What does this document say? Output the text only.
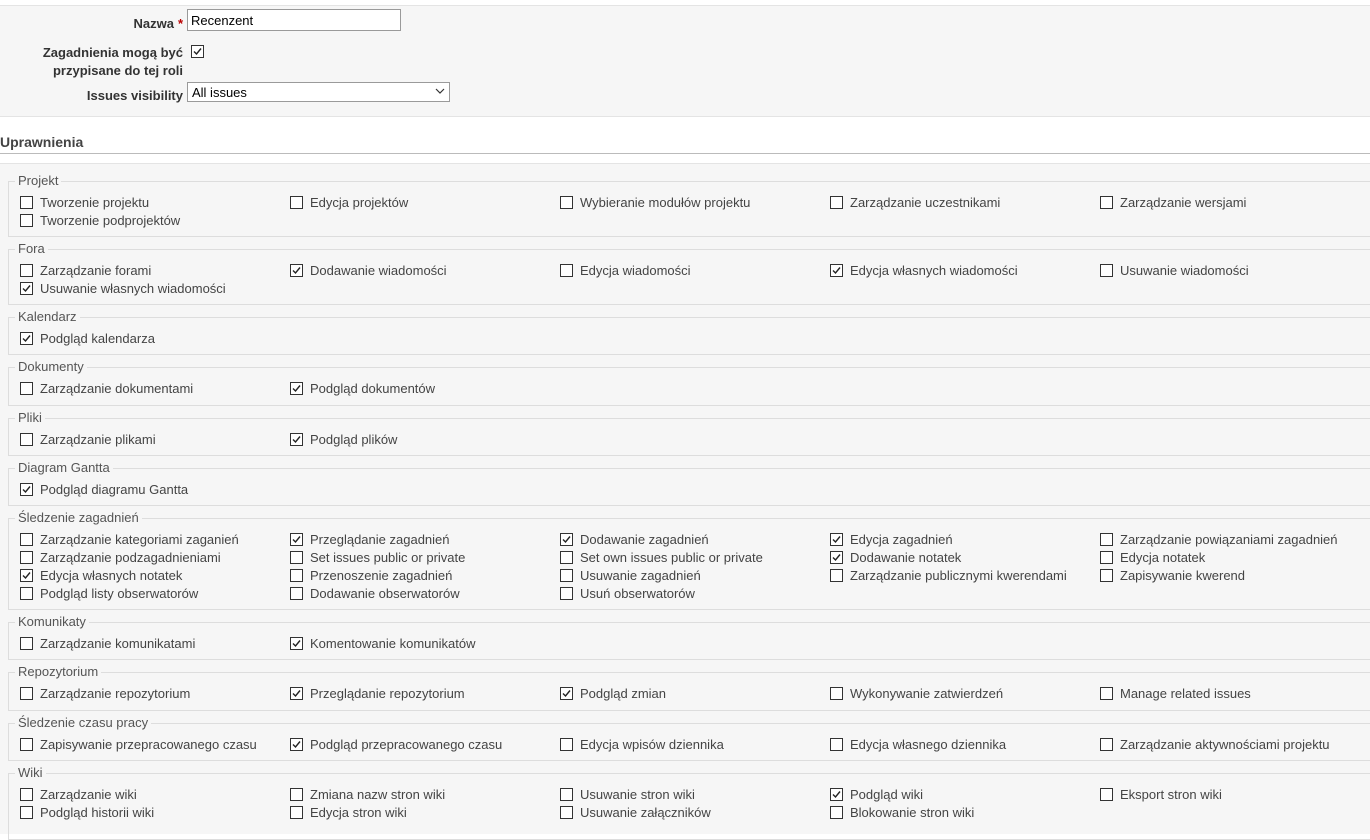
Nazwa *
Recenzent
Zagadnienia mogą być
przypisane do tej roli
Issues visibility All issues
Uprawnienia
Projekt
Tworzenie projektu	Edycja projektów	Wybieranie modułów projektu	Zarządzanie uczestnikami	Zarządzanie wersjami
Tworzenie podprojektów
Fora
Zarządzanie forami	Dodawanie wiadomości	Edycja wiadomości	Edycja własnych wiadomości	Usuwanie wiadomości
Usuwanie własnych wiadomości
Kalendarz
Podgląd kalendarza
Dokumenty
Zarządzanie dokumentami	Podgląd dokumentów
Pliki
Zarządzanie plikami	Podgląd plików
Diagram Gantta
Podgląd diagramu Gantta
Śledzenie zagadnień
Zarządzanie kategoriami zaganień	Przeglądanie zagadnień	Dodawanie zagadnień	Edycja zagadnień	Zarządzanie powiązaniami zagadnień
Zarządzanie podzagadnieniami	Set issues public or private	Set own issues public or private	Dodawanie notatek	Edycja notatek
Edycja własnych notatek	Przenoszenie zagadnień	Usuwanie zagadnień	Zarządzanie publicznymi kwerendami	Zapisywanie kwerend
Podgląd listy obserwatorów	Dodawanie obserwatorów	Usuń obserwatorów
Komunikaty
Zarządzanie komunikatami	Komentowanie komunikatów
Repozytorium
Zarządzanie repozytorium	Przeglądanie repozytorium	Podgląd zmian	Wykonywanie zatwierdzeń	Manage related issues
Śledzenie czasu pracy
Zapisywanie przepracowanego czasu	Podgląd przepracowanego czasu	Edycja wpisów dziennika	Edycja własnego dziennika	Zarządzanie aktywnościami projektu
Wiki
Zarządzanie wiki	Zmiana nazw stron wiki	Usuwanie stron wiki	Podgląd wiki	Eksport stron wiki
Podgląd historii wiki	Edycja stron wiki	Usuwanie załączników	Blokowanie stron wiki
